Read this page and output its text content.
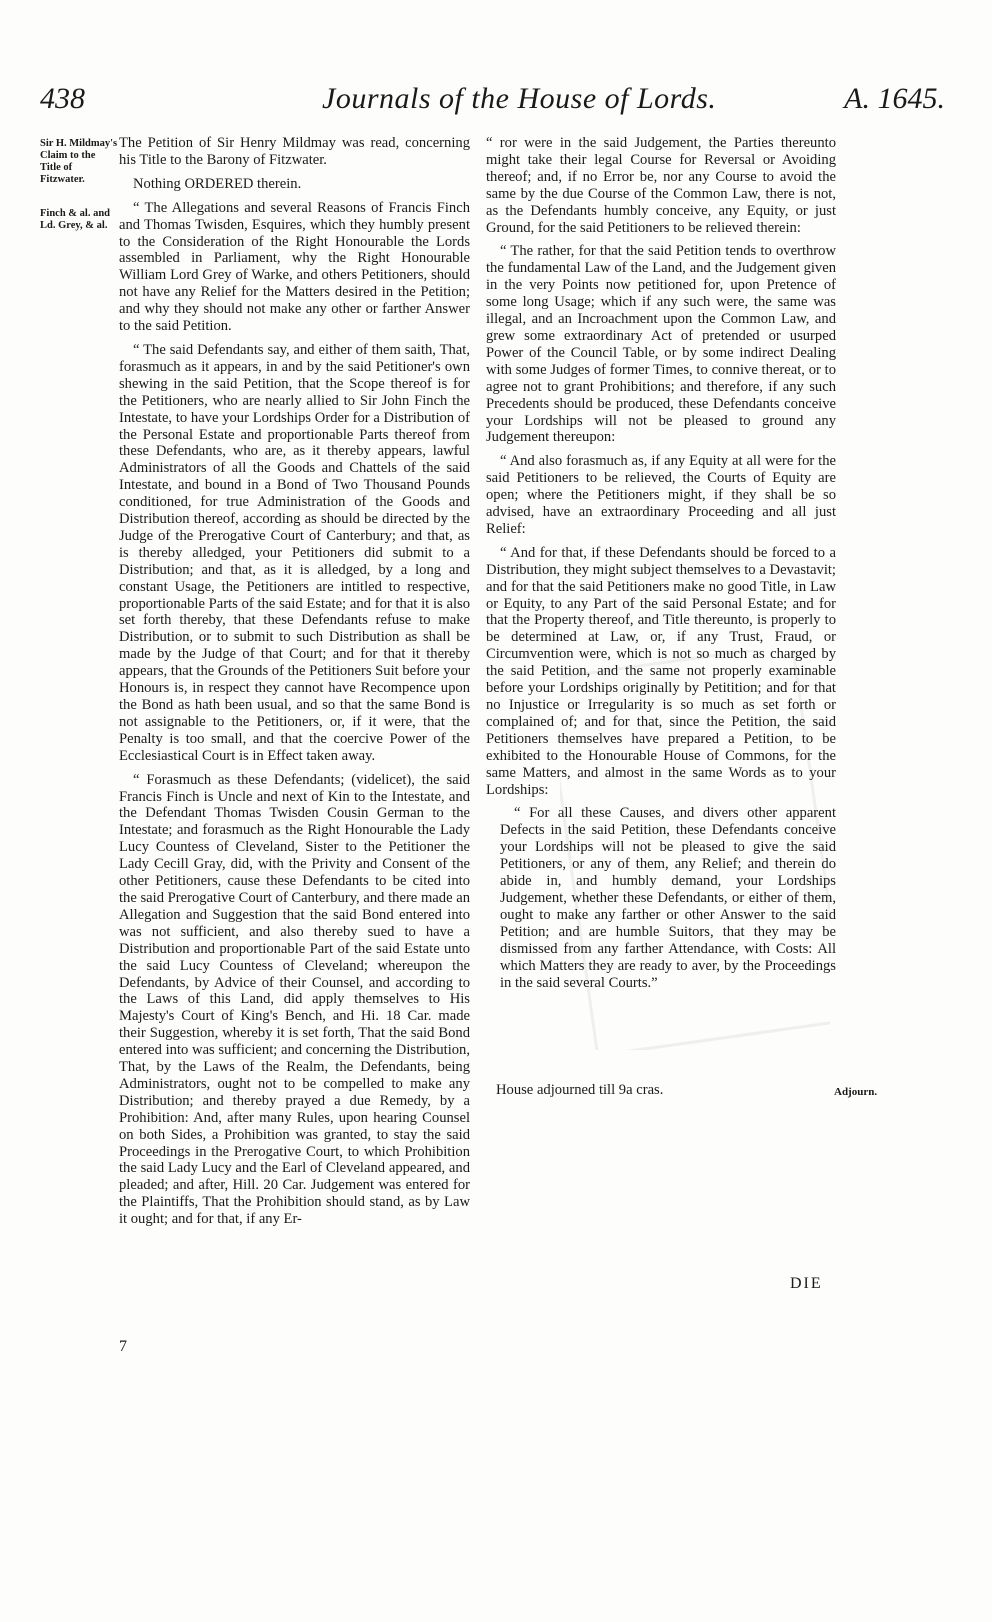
438	Journals of the House of Lords.	A. 1645.
Sir H. Mildmay's Claim to the Title of Fitzwater.
Finch & al. and Ld. Grey, & al.

The Petition of Sir Henry Mildmay was read, concerning his Title to the Barony of Fitzwater.

Nothing ORDERED therein.

“ The Allegations and several Reasons of Francis Finch and Thomas Twisden, Esquires, which they humbly present to the Consideration of the Right Honourable the Lords assembled in Parliament, why the Right Honourable William Lord Grey of Warke, and others Petitioners, should not have any Relief for the Matters desired in the Petition; and why they should not make any other or farther Answer to the said Petition.

“ The said Defendants say, and either of them saith, That, forasmuch as it appears, in and by the said Petitioner's own shewing in the said Petition, that the Scope thereof is for the Petitioners, who are nearly allied to Sir John Finch the Intestate, to have your Lordships Order for a Distribution of the Personal Estate and proportionable Parts thereof from these Defendants, who are, as it thereby appears, lawful Administrators of all the Goods and Chattels of the said Intestate, and bound in a Bond of Two Thousand Pounds conditioned, for true Administration of the Goods and Distribution thereof, according as should be directed by the Judge of the Prerogative Court of Canterbury; and that, as is thereby alledged, your Petitioners did submit to a Distribution; and that, as it is alledged, by a long and constant Usage, the Petitioners are intitled to respective, proportionable Parts of the said Estate; and for that it is also set forth thereby, that these Defendants refuse to make Distribution, or to submit to such Distribution as shall be made by the Judge of that Court; and for that it thereby appears, that the Grounds of the Petitioners Suit before your Honours is, in respect they cannot have Recompence upon the Bond as hath been usual, and so that the same Bond is not assignable to the Petitioners, or, if it were, that the Penalty is too small, and that the coercive Power of the Ecclesiastical Court is in Effect taken away.

“ Forasmuch as these Defendants; (videlicet), the said Francis Finch is Uncle and next of Kin to the Intestate, and the Defendant Thomas Twisden Cousin German to the Intestate; and forasmuch as the Right Honourable the Lady Lucy Countess of Cleveland, Sister to the Petitioner the Lady Cecill Gray, did, with the Privity and Consent of the other Petitioners, cause these Defendants to be cited into the said Prerogative Court of Canterbury, and there made an Allegation and Suggestion that the said Bond entered into was not sufficient, and also thereby sued to have a Distribution and proportionable Part of the said Estate unto the said Lucy Countess of Cleveland; whereupon the Defendants, by Advice of their Counsel, and according to the Laws of this Land, did apply themselves to His Majesty's Court of King's Bench, and Hi. 18 Car. made their Suggestion, whereby it is set forth, That the said Bond entered into was sufficient; and concerning the Distribution, That, by the Laws of the Realm, the Defendants, being Administrators, ought not to be compelled to make any Distribution; and thereby prayed a due Remedy, by a Prohibition: And, after many Rules, upon hearing Counsel on both Sides, a Prohibition was granted, to stay the said Proceedings in the Prerogative Court, to which Prohibition the said Lady Lucy and the Earl of Cleveland appeared, and pleaded; and after, Hill. 20 Car. Judgement was entered for the Plaintiffs, That the Prohibition should stand, as by Law it ought; and for that, if any Er-

“ ror were in the said Judgement, the Parties thereunto might take their legal Course for Reversal or Avoiding thereof; and, if no Error be, nor any Course to avoid the same by the due Course of the Common Law, there is not, as the Defendants humbly conceive, any Equity, or just Ground, for the said Petitioners to be relieved therein:

“ The rather, for that the said Petition tends to overthrow the fundamental Law of the Land, and the Judgement given in the very Points now petitioned for, upon Pretence of some long Usage; which if any such were, the same was illegal, and an Incroachment upon the Common Law, and grew some extraordinary Act of pretended or usurped Power of the Council Table, or by some indirect Dealing with some Judges of former Times, to connive thereat, or to agree not to grant Prohibitions; and therefore, if any such Precedents should be produced, these Defendants conceive your Lordships will not be pleased to ground any Judgement thereupon:

“ And also forasmuch as, if any Equity at all were for the said Petitioners to be relieved, the Courts of Equity are open; where the Petitioners might, if they shall be so advised, have an extraordinary Proceeding and all just Relief:

“ And for that, if these Defendants should be forced to a Distribution, they might subject themselves to a Devastavit; and for that the said Petitioners make no good Title, in Law or Equity, to any Part of the said Personal Estate; and for that the Property thereof, and Title thereunto, is properly to be determined at Law, or, if any Trust, Fraud, or Circumvention were, which is not so much as charged by the said Petition, and the same not properly examinable before your Lordships originally by Petitition; and for that no Injustice or Irregularity is so much as set forth or complained of; and for that, since the Petition, the said Petitioners themselves have prepared a Petition, to be exhibited to the Honourable House of Commons, for the same Matters, and almost in the same Words as to your Lordships:

“ For all these Causes, and divers other apparent Defects in the said Petition, these Defendants conceive your Lordships will not be pleased to give the said Petitioners, or any of them, any Relief; and therein do abide in, and humbly demand, your Lordships Judgement, whether these Defendants, or either of them, ought to make any farther or other Answer to the said Petition; and are humble Suitors, that they may be dismissed from any farther Attendance, with Costs: All which Matters they are ready to aver, by the Proceedings in the said several Courts.”

House adjourned till 9a cras.	Adjourn.
DIE
7
